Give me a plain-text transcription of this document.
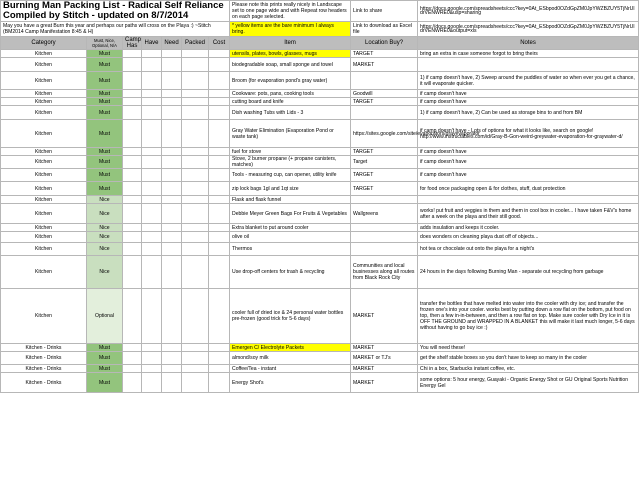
Burning Man Packing List - Radical Self Reliance
Compiled by Stitch - updated on 8/7/2014							Please note this prints really nicely in Landscape set to one page wide and with Repeat row headers on each page selected.	Link to share	https://docs.google.com/spreadsheets/ccc?key=0At_ESbpod0OZdGpZM0JpYWZBZUY5TjNrUldrVENWRE0&usp=sharing
May you have a great Burn this year and perhaps our paths will cross on the Playa :) ~Stitch (BM2014 Camp Manifestation 8:45 & H)							* yellow items are the bare minimum I always bring.	Link to download as Excel file	https://docs.google.com/spreadsheets/ccc?key=0At_ESbpod0OZdGpZM0JpYWZBZUY5TjNrUldrVENWRE0&output=xls
Category	Must, Nice, Optional, N/A	Camp Has	Have	Need	Packed	Cost	Item	Location Buy?	Notes
Kitchen	Must						utensils, plates, bowls, glasses, mugs	TARGET	bring an extra in case someone forgot to bring theirs
Kitchen	Must						biodegradable soap, small sponge and towel	MARKET	
Kitchen	Must						Broom (for evaporation pond's gray water)		1) if camp doesn't have, 2) Sweep around the puddles of water so when ever you get a chance, it will evaporate quicker.
Kitchen	Must						Cookware: pots, pans, cooking tools	Goodwill	if camp doesn't have
Kitchen	Must						cutting board and knife	TARGET	if camp doesn't have
Kitchen	Must						Dish washing Tubs with Lids - 3		1) if camp doesn't have, 2) Can be used as storage bins to and from BM
Kitchen	Must						Gray Water Elimination (Evaporation Pond or waste tank)	https://sites.google.com/site/evaporators/grayevaporator	if camp doesn't have - Lots of options for what it looks like, search on google! http://www.instructables.com/id/Gray-B-Gon-weird-greywater-evaporation-for-graywater-d/
Kitchen	Must						fuel for stove	TARGET	if camp doesn't have
Kitchen	Must						Stove, 2 burner propane (+ propane canisters, matches)	Target	if camp doesn't have
Kitchen	Must						Tools - measuring cup, can opener, utility knife	TARGET	if camp doesn't have
Kitchen	Must						zip lock bags 1gl and 1qt size	TARGET	for food once packaging open & for clothes, stuff, dust protection
Kitchen	Nice						Flask and flask funnel		
Kitchen	Nice						Debbie Meyer Green Bags For Fruits & Vegetables	Wallgreens	works! put fruit and veggies in them and them in cool box in cooler... I have taken F&V's home after a week on the playa and their still good.
Kitchen	Nice						Extra blanket to put around cooler		adds insulation and keeps it cooler.
Kitchen	Nice						olive oil		does wonders on cleaning playa dust off of objects...
Kitchen	Nice						Thermos		hot tea or chocolate out onto the playa for a night's
Kitchen	Nice						Use drop-off centers for trash & recycling	Communities and local businesses along all routes from Black Rock City	24 hours in the days following Burning Man - separate out recycling from garbage
Kitchen	Optional						cooler full of dried ice & 24 personal water bottles pre-frozen (good trick for 5-6 days)	MARKET	transfer the bottles that have melted into water into the cooler with dry ice; and transfer the frozen one's into your cooler. works best by putting down a row flat on the bottom, put food on top, then a few in-in-between, and then a row flat on top. Make sure cooler with Dry Ice in it is OFF THE GROUND and WRAPPED IN A BLANKET this will make it last much longer, 5-6 days without having to go buy ice :)
Kitchen - Drinks	Must						Emergen C/ Electrolyte Packets	MARKET	You will need these!
Kitchen - Drinks	Must						almond/soy milk	MARKET or TJ's	get the shelf stable boxes so you don't have to keep so many in the cooler
Kitchen - Drinks	Must						Coffee/Tea - instant	MARKET	Chi in a box, Starbucks instant coffee, etc.
Kitchen - Drinks	Must						Energy Shot's	MARKET	some options: 5 hour energy, Guayaki - Organic Energy Shot or GU Original Sports Nutrition Energy Gel
